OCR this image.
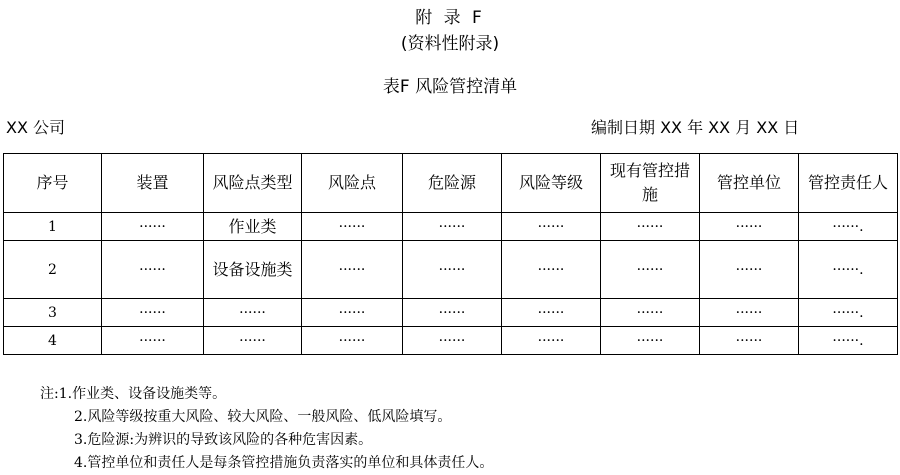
附 录 F
(资料性附录)
表F 风险管控清单
XX 公司	编制日期 XX 年 XX 月 XX 日
序号	装置	风险点类型	风险点	危险源	风险等级	现有管控措施	管控单位	管控责任人
1	······	作业类	······	······	······	······	······	······.
2	······	设备设施类	······	······	······	······	······	······.
3	······	······	······	······	······	······	······	······.
4	······	······	······	······	······	······	······	······.
注:1.作业类、设备设施类等。
2.风险等级按重大风险、较大风险、一般风险、低风险填写。
3.危险源:为辨识的导致该风险的各种危害因素。
4.管控单位和责任人是每条管控措施负责落实的单位和具体责任人。
